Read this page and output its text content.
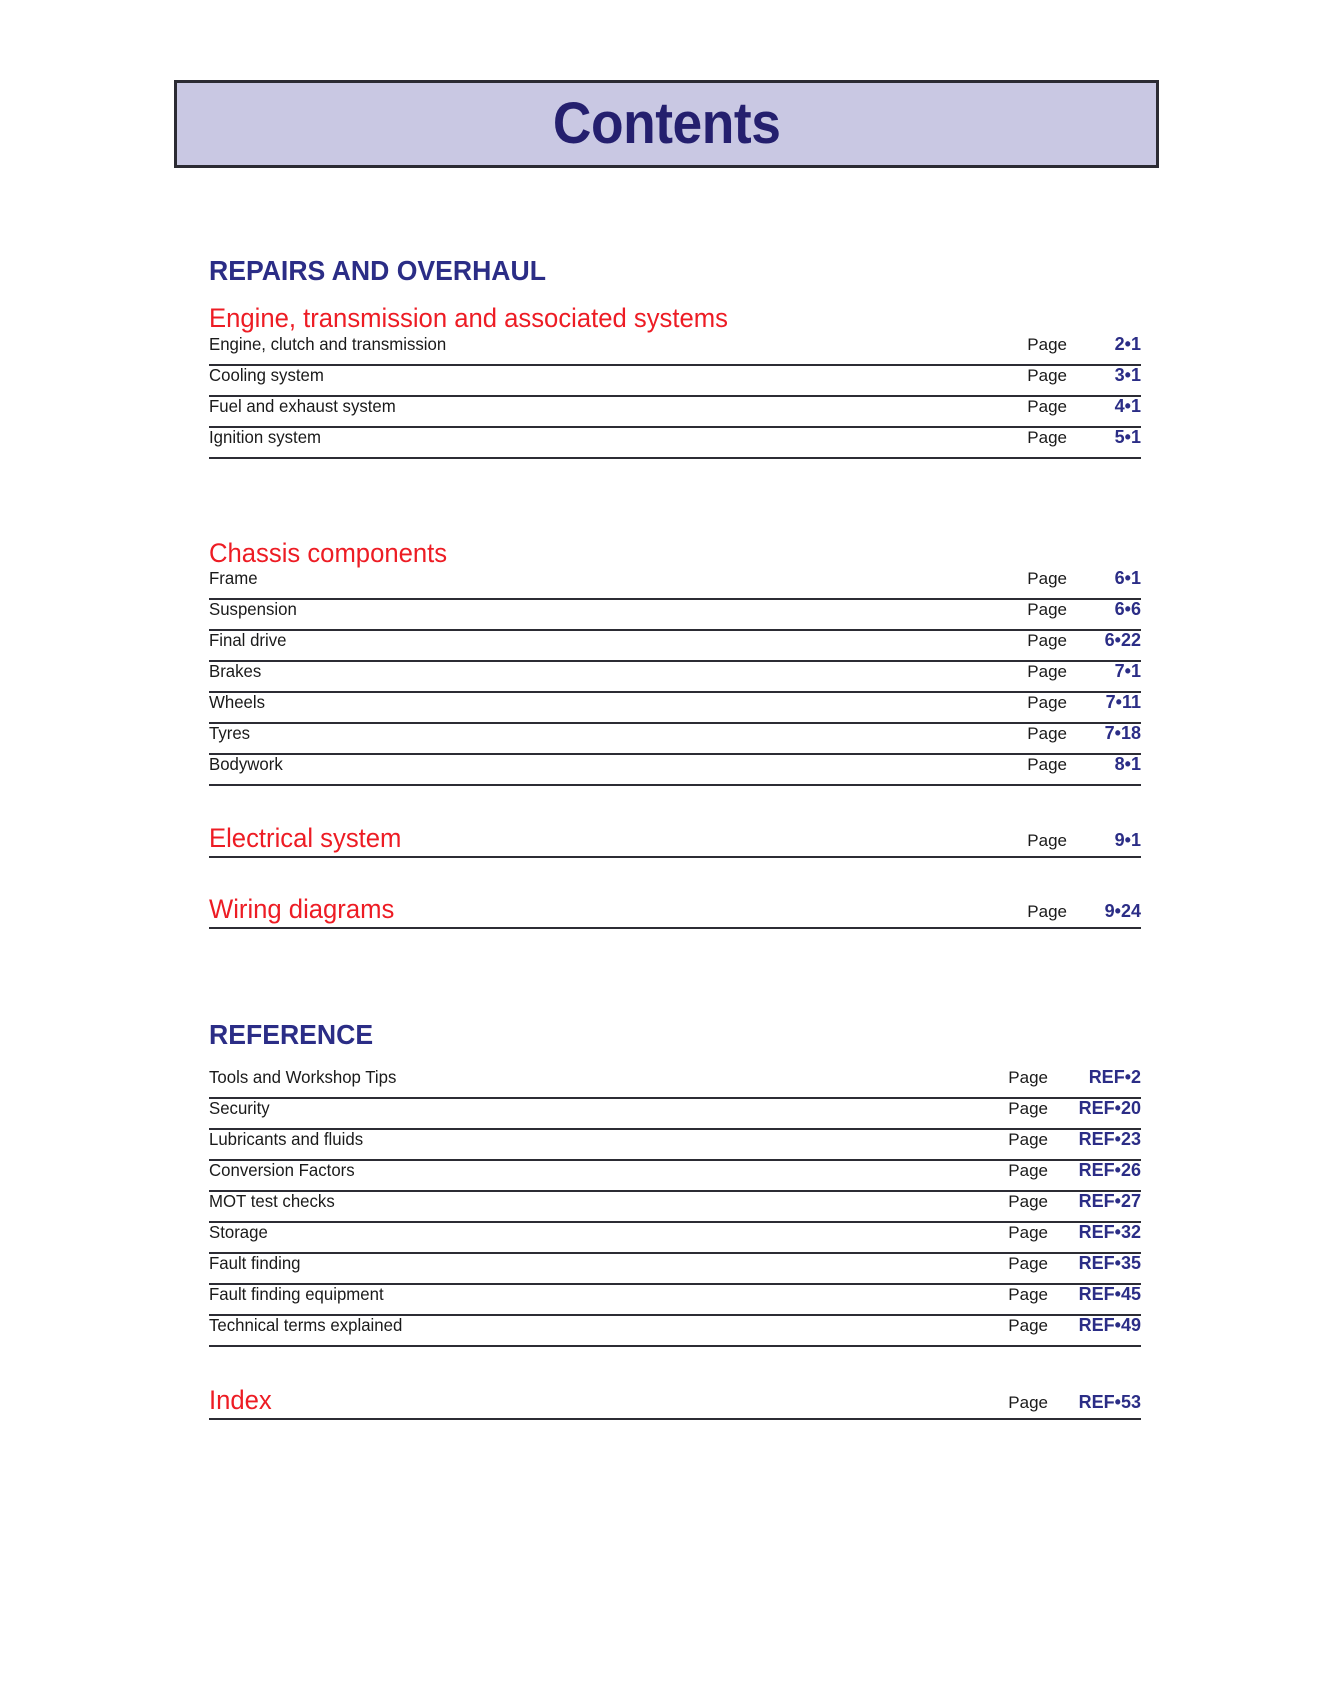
Contents
REPAIRS AND OVERHAUL
Engine, transmission and associated systems
Engine, clutch and transmission	Page	2•1
Cooling system	Page	3•1
Fuel and exhaust system	Page	4•1
Ignition system	Page	5•1
Chassis components
Frame	Page	6•1
Suspension	Page	6•6
Final drive	Page	6•22
Brakes	Page	7•1
Wheels	Page	7•11
Tyres	Page	7•18
Bodywork	Page	8•1
Electrical system	Page	9•1
Wiring diagrams	Page	9•24
REFERENCE
Tools and Workshop Tips	Page	REF•2
Security	Page	REF•20
Lubricants and fluids	Page	REF•23
Conversion Factors	Page	REF•26
MOT test checks	Page	REF•27
Storage	Page	REF•32
Fault finding	Page	REF•35
Fault finding equipment	Page	REF•45
Technical terms explained	Page	REF•49
Index	Page	REF•53
